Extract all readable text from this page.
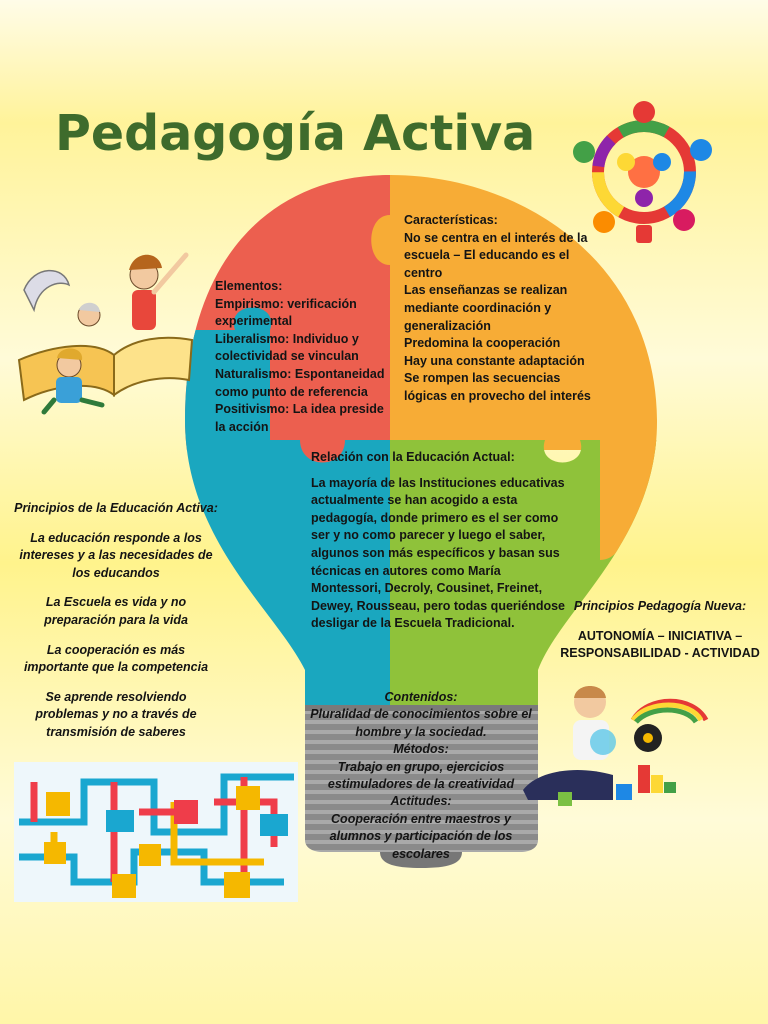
Pedagogía Activa

Elementos:

Empirismo: verificación experimental

Liberalismo: Individuo y colectividad se vinculan

Naturalismo: Espontaneidad como punto de referencia

Positivismo: La idea preside la acción

Características:

No se centra en el interés de la escuela – El educando es el centro

Las enseñanzas se realizan mediante coordinación y generalización

Predomina la cooperación

Hay una constante adaptación

Se rompen las secuencias lógicas en provecho del interés

Relación con la Educación Actual:

La mayoría de las Instituciones educativas actualmente se han acogido a esta pedagogía, donde primero es el ser como ser y no como parecer y luego el saber, algunos son más específicos y basan sus técnicas en autores como María Montessori, Decroly, Cousinet, Freinet, Dewey, Rousseau, pero todas queriéndose desligar de la Escuela Tradicional.

Contenidos:

Pluralidad de conocimientos sobre el hombre y la sociedad.

Métodos:

Trabajo en grupo, ejercicios estimuladores de la creatividad

Actitudes:

Cooperación entre maestros y alumnos y participación de los escolares

Principios de la Educación Activa:

La educación responde a los intereses y a las necesidades de los educandos

La Escuela es vida y no preparación para la vida

La cooperación es más importante que la competencia

Se aprende resolviendo problemas y no a través de transmisión de saberes

Principios Pedagogía Nueva:

AUTONOMÍA – INICIATIVA – RESPONSABILIDAD - ACTIVIDAD
